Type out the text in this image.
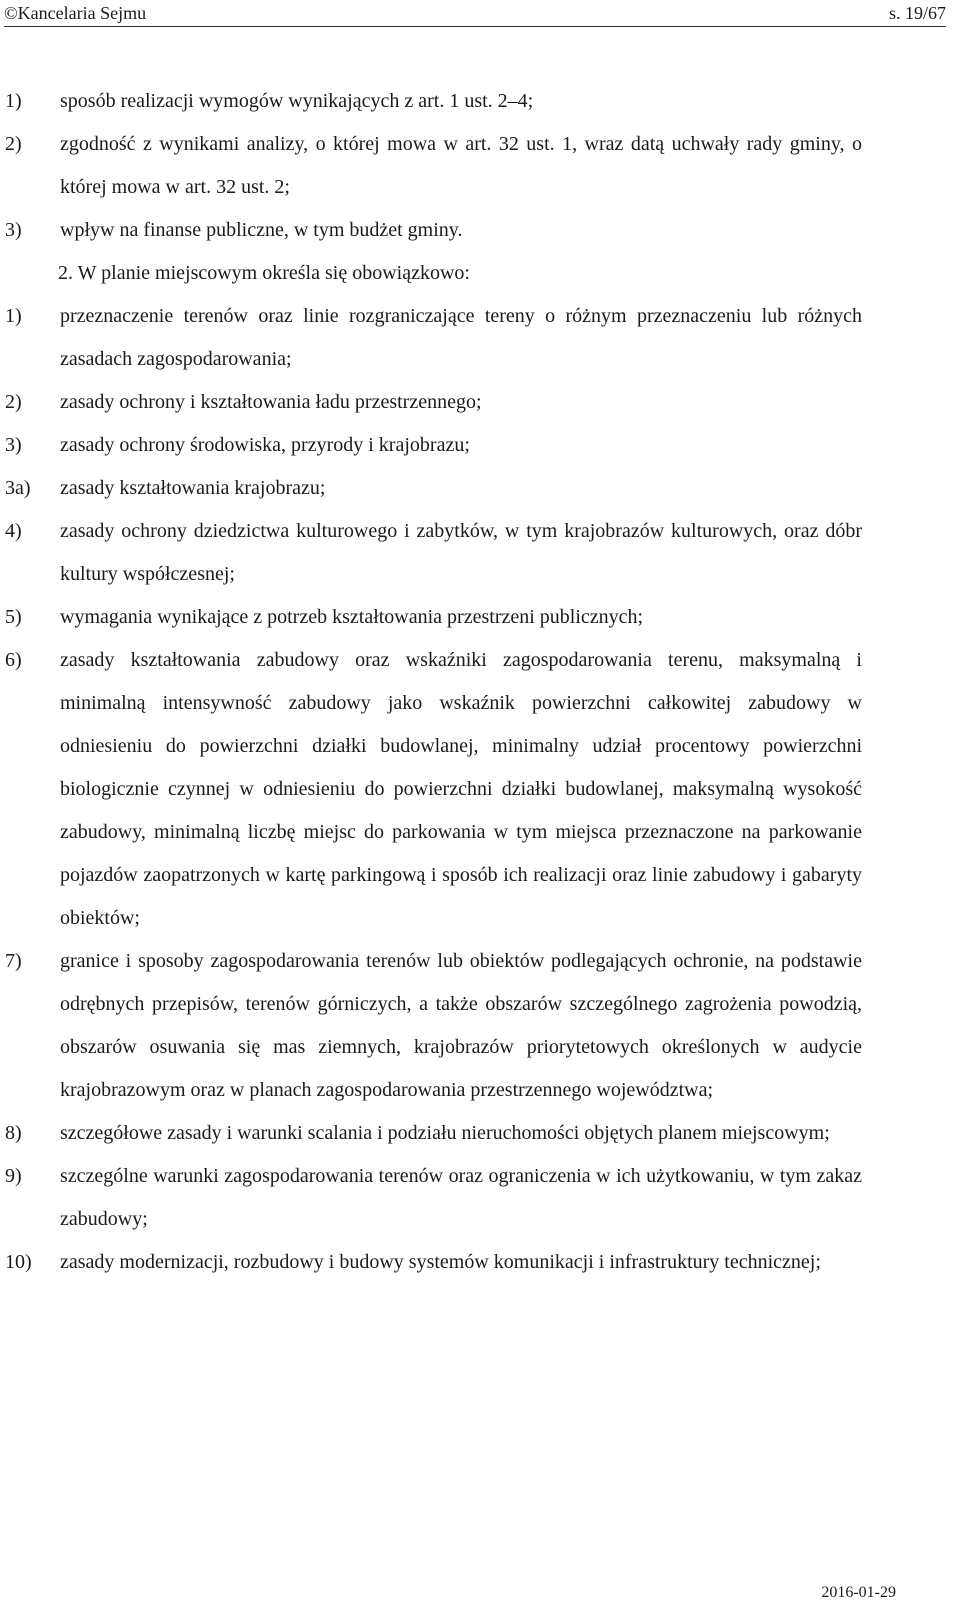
©Kancelaria Sejmu	s. 19/67

1) sposób realizacji wymogów wynikających z art. 1 ust. 2–4;

2) zgodność z wynikami analizy, o której mowa w art. 32 ust. 1, wraz datą uchwały rady gminy, o której mowa w art. 32 ust. 2;

3) wpływ na finanse publiczne, w tym budżet gminy.

2. W planie miejscowym określa się obowiązkowo:

1) przeznaczenie terenów oraz linie rozgraniczające tereny o różnym przeznaczeniu lub różnych zasadach zagospodarowania;

2) zasady ochrony i kształtowania ładu przestrzennego;

3) zasady ochrony środowiska, przyrody i krajobrazu;

3a) zasady kształtowania krajobrazu;

4) zasady ochrony dziedzictwa kulturowego i zabytków, w tym krajobrazów kulturowych, oraz dóbr kultury współczesnej;

5) wymagania wynikające z potrzeb kształtowania przestrzeni publicznych;

6) zasady kształtowania zabudowy oraz wskaźniki zagospodarowania terenu, maksymalną i minimalną intensywność zabudowy jako wskaźnik powierzchni całkowitej zabudowy w odniesieniu do powierzchni działki budowlanej, minimalny udział procentowy powierzchni biologicznie czynnej w odniesieniu do powierzchni działki budowlanej, maksymalną wysokość zabudowy, minimalną liczbę miejsc do parkowania w tym miejsca przeznaczone na parkowanie pojazdów zaopatrzonych w kartę parkingową i sposób ich realizacji oraz linie zabudowy i gabaryty obiektów;

7) granice i sposoby zagospodarowania terenów lub obiektów podlegających ochronie, na podstawie odrębnych przepisów, terenów górniczych, a także obszarów szczególnego zagrożenia powodzią, obszarów osuwania się mas ziemnych, krajobrazów priorytetowych określonych w audycie krajobrazowym oraz w planach zagospodarowania przestrzennego województwa;

8) szczegółowe zasady i warunki scalania i podziału nieruchomości objętych planem miejscowym;

9) szczególne warunki zagospodarowania terenów oraz ograniczenia w ich użytkowaniu, w tym zakaz zabudowy;

10) zasady modernizacji, rozbudowy i budowy systemów komunikacji i infrastruktury technicznej;

2016-01-29
